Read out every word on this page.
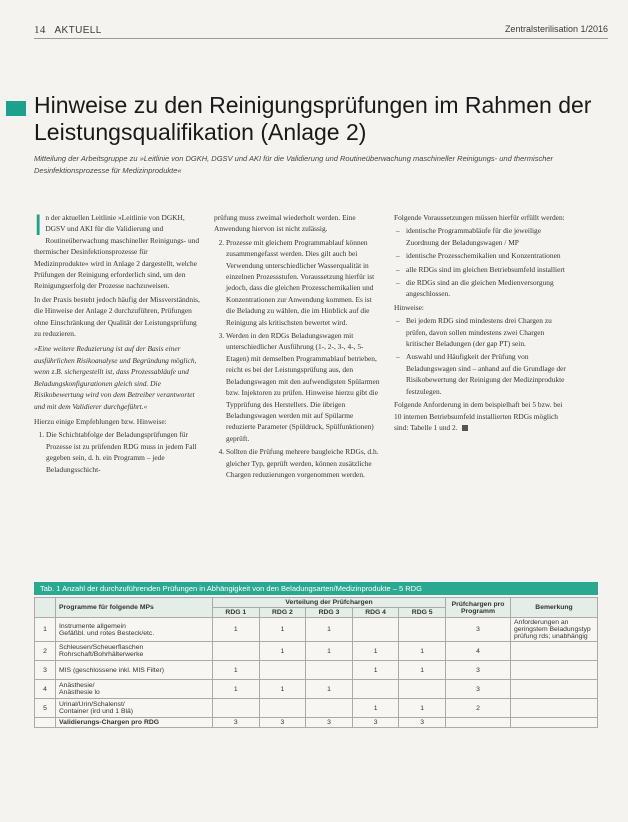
14 AKTUELL	Zentralsterilisation 1/2016
Hinweise zu den Reinigungsprüfungen im Rahmen der Leistungsqualifikation (Anlage 2)
Mitteilung der Arbeitsgruppe zu »Leitlinie von DGKH, DGSV und AKI für die Validierung und Routineüberwachung maschineller Reinigungs- und thermischer Desinfektionsprozesse für Medizinprodukte«

In der aktuellen Leitlinie »Leitlinie von DGKH, DGSV und AKI für die Validierung und Routineüberwachung maschineller Reinigungs- und thermischer Desinfektionsprozesse für Medizinprodukte« wird in Anlage 2 dargestellt, welche Prüfungen der Reinigung erforderlich sind, um den Reinigungserfolg der Prozesse nachzuweisen.

In der Praxis besteht jedoch häufig der Missverständnis, die Hinweise der Anlage 2 durchzuführen, Prüfungen ohne Einschränkung der Qualität der Leistungsprüfung zu reduzieren.

»Eine weitere Reduzierung ist auf der Basis einer ausführlichen Risikoanalyse und Begründung möglich, wenn z.B. sichergestellt ist, dass Prozessabläufe und Beladungskonfigurationen gleich sind. Die Risikobewertung wird von dem Betreiber verantwortet und mit dem Validierer durchgeführt.«

Hierzu einige Empfehlungen bzw. Hinweise:

1. Die Schichtabfolge der Beladungsprüfungen für Prozesse ist zu prüfenden RDG muss in jedem Fall gegeben sein, d. h. ein Programm – jede Beladungsschicht-

prüfung muss zweimal wiederholt werden. Eine Anwendung hiervon ist nicht zulässig.

2. Prozesse mit gleichem Programmablauf können zusammengefasst werden. Dies gilt auch bei Verwendung unterschiedlicher Wasserqualität in einzelnen Prozessstufen. Voraussetzung hierfür ist jedoch, dass die gleichen Prozesschemikalien und Konzentrationen zur Anwendung kommen. Es ist die Beladung zu wählen, die im Hinblick auf die Reinigung als kritischsten bewertet wird.
3. Werden in den RDGs Beladungswagen mit unterschiedlicher Ausführung (1-, 2-, 3-, 4-, 5-Etagen) mit demselben Programmablauf betrieben, reicht es bei der Leistungsprüfung aus, den Beladungswagen mit den aufwendigsten Spülarmen bzw. Injektoren zu prüfen. Hinweise hierzu gibt die Typprüfung des Herstellers. Die übrigen Beladungswagen werden mit auf Spülarme reduzierte Parameter (Spüldruck, Spülfunktionen) geprüft.
4. Sollten die Prüfung mehrere baugleiche RDGs, d.h. gleicher Typ, geprüft werden, können zusätzliche Chargen reduzierungen vorgenommen werden.

Folgende Voraussetzungen müssen hierfür erfüllt werden:

– identische Programmabläufe für die jeweilige Zuordnung der Beladungswagen / MP
– identische Prozesschemikalien und Konzentrationen
– alle RDGs sind im gleichen Betriebsumfeld installiert
– die RDGs sind an die gleichen Medienversorgung angeschlossen.

Hinweise:

– Bei jedem RDG sind mindestens drei Chargen zu prüfen, davon sollen mindestens zwei Chargen kritischer Beladungen (der gap PT) sein.
– Auswahl und Häufigkeit der Prüfung von Beladungswagen sind – anhand auf die Grundlage der Risikobewertung der Reinigung der Medizinprodukte festzulegen.

Folgende Anforderung in dem beispielhaft bei 5 bzw. bei 10 internen Betriebsumfeld installierten RDGs möglich sind: Tabelle 1 und 2.

Tab. 1 Anzahl der durchzuführenden Prüfungen in Abhängigkeit von den Beladungsarten/Medizinprodukte – 5 RDG
	Programme für folgende MPs	Verteilung der Prüfchargen					Prüfchargen pro Programm	Bemerkung
		RDG 1	RDG 2	RDG 3	RDG 4	RDG 5		
1	Instrumente allgemein
Gefäßbl. und rotes Besteck/etc.	1	1	1			3	Anforderungen an geringstem Beladungstyp prüfung rds; unabhängig
2	Schleusen/Scheuerflaschen
Rohrschaft/Bohrhälterwerke		1	1	1	1	4	
3	MIS (geschlossene inkl. MIS Filter)	1			1	1	3	
4	Anästhesie/
Anästhesie lo	1	1	1			3	
5	Urinal/Urin/Schalenst/
Container (ird und 1 Blä)				1	1	2	
	Validierungs-Chargen pro RDG	3	3	3	3	3		
